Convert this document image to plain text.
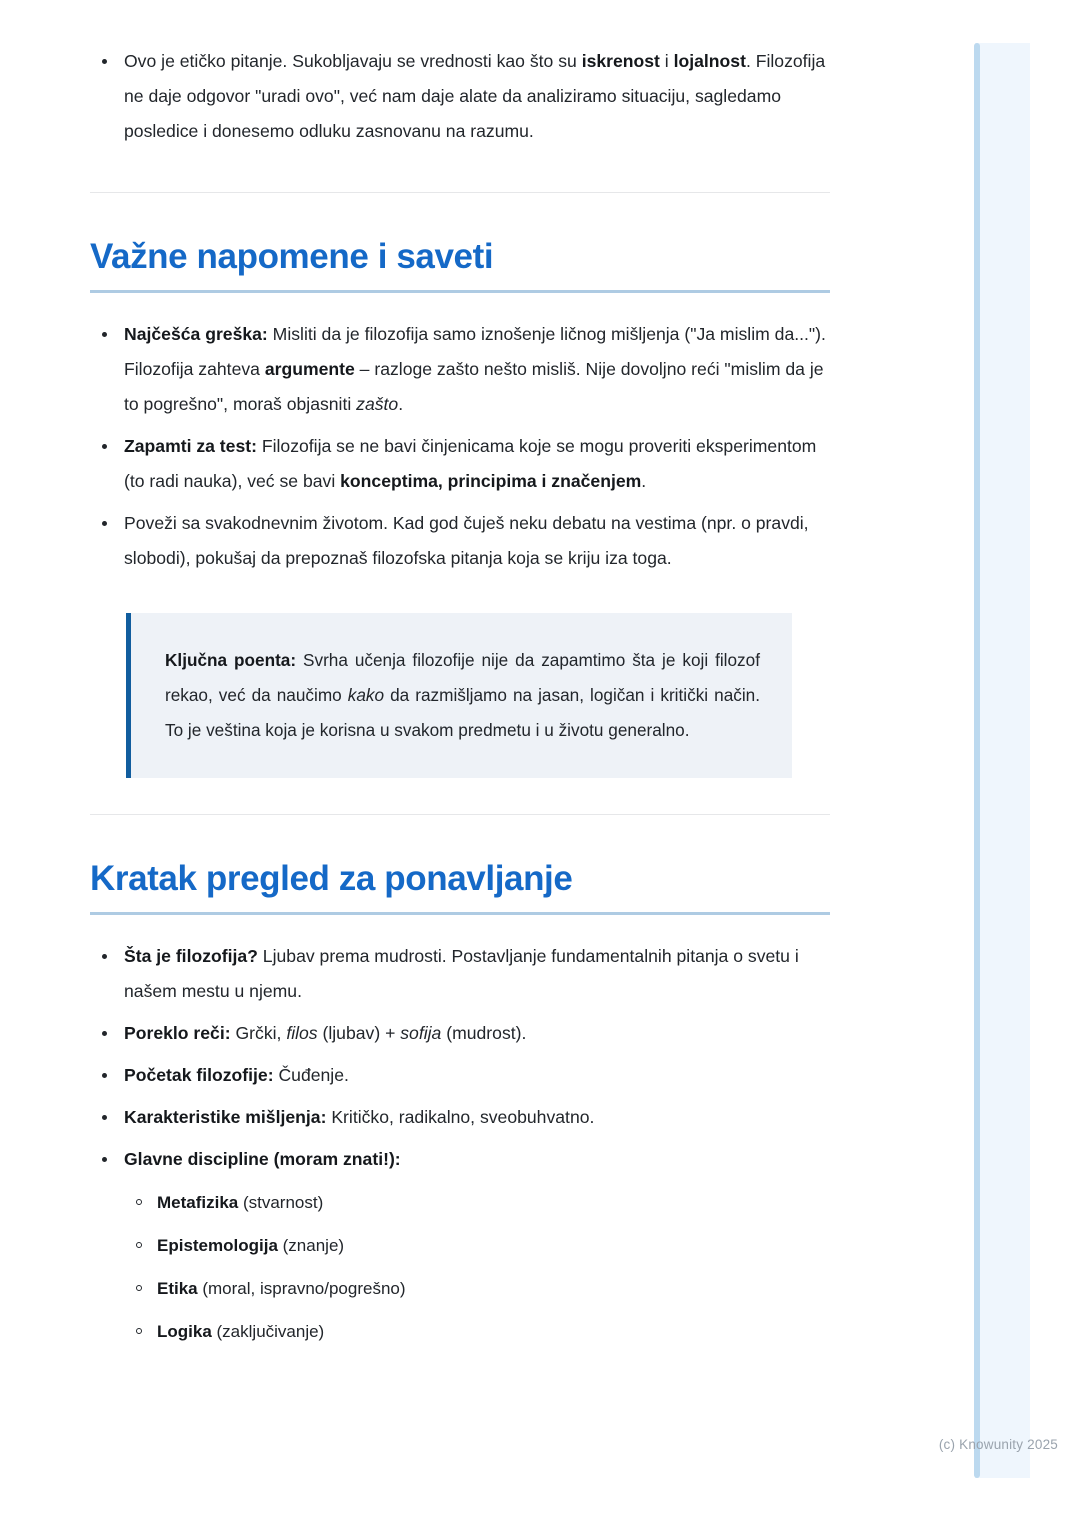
Ovo je etičko pitanje. Sukobljavaju se vrednosti kao što su iskrenost i lojalnost. Filozofija ne daje odgovor "uradi ovo", već nam daje alate da analiziramo situaciju, sagledamo posledice i donesemo odluku zasnovanu na razumu.
Važne napomene i saveti
Najčešća greška: Misliti da je filozofija samo iznošenje ličnog mišljenja ("Ja mislim da..."). Filozofija zahteva argumente – razloge zašto nešto misliš. Nije dovoljno reći "mislim da je to pogrešno", moraš objasniti zašto.
Zapamti za test: Filozofija se ne bavi činjenicama koje se mogu proveriti eksperimentom (to radi nauka), već se bavi konceptima, principima i značenjem.
Poveži sa svakodnevnim životom. Kad god čuješ neku debatu na vestima (npr. o pravdi, slobodi), pokušaj da prepoznaš filozofska pitanja koja se kriju iza toga.

Ključna poenta: Svrha učenja filozofije nije da zapamtimo šta je koji filozof rekao, već da naučimo kako da razmišljamo na jasan, logičan i kritički način. To je veština koja je korisna u svakom predmetu i u životu generalno.

Kratak pregled za ponavljanje
Šta je filozofija? Ljubav prema mudrosti. Postavljanje fundamentalnih pitanja o svetu i našem mestu u njemu.
Poreklo reči: Grčki, filos (ljubav) + sofija (mudrost).
Početak filozofije: Čuđenje.
Karakteristike mišljenja: Kritičko, radikalno, sveobuhvatno.
Glavne discipline (moram znati!):
Metafizika (stvarnost)
Epistemologija (znanje)
Etika (moral, ispravno/pogrešno)
Logika (zaključivanje)
(c) Knowunity 2025
